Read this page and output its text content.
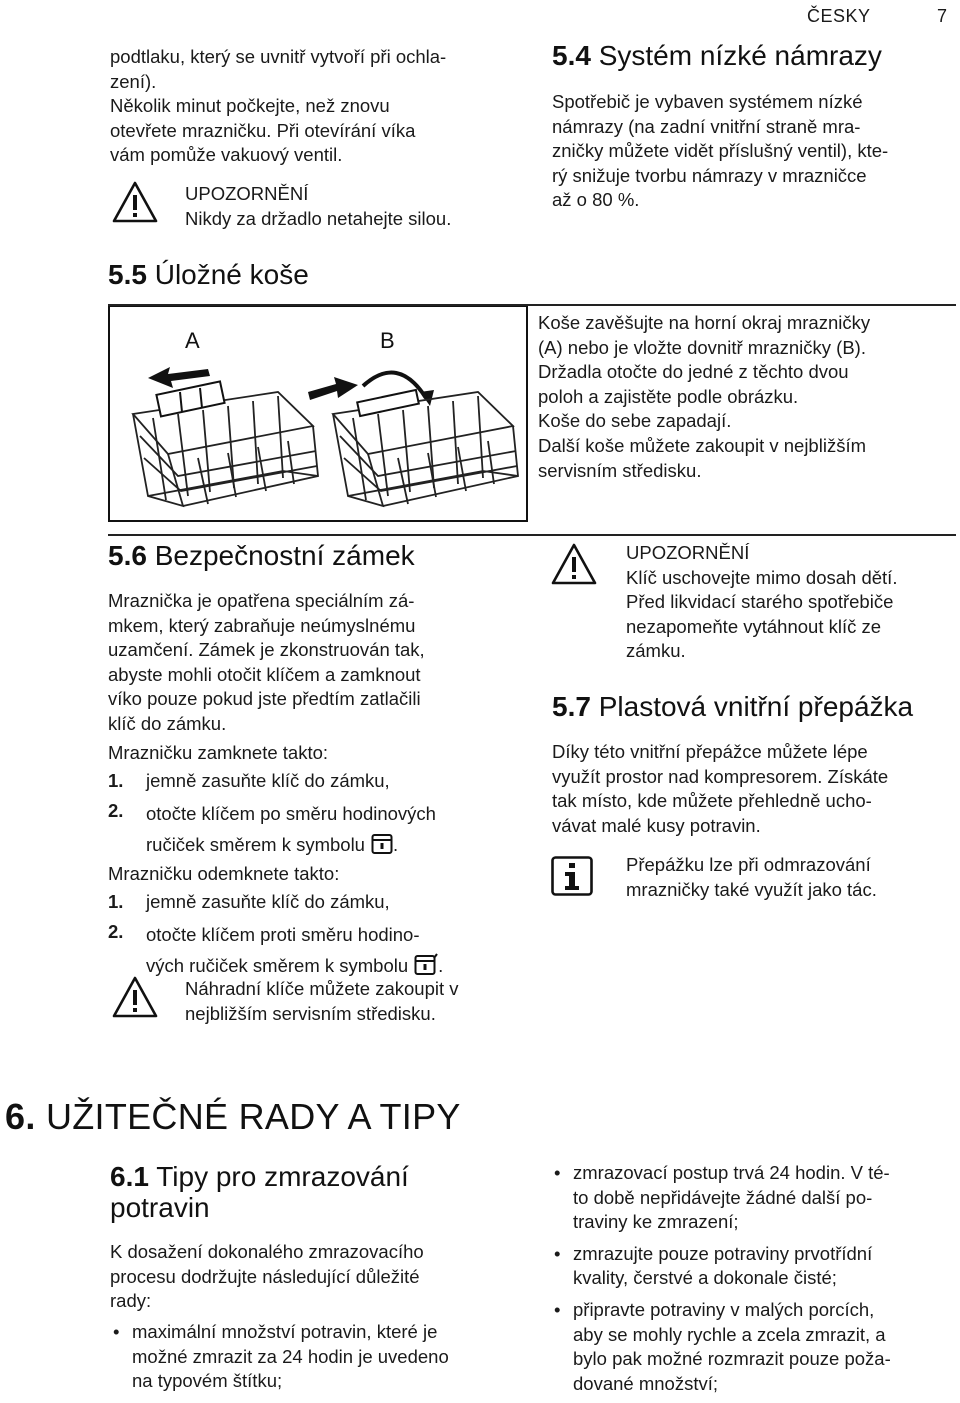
ČESKY	7
podtlaku, který se uvnitř vytvoří při ochla-
zení).
Několik minut počkejte, než znovu
otevřete mrazničku. Při otevírání víka
vám pomůže vakuový ventil.
UPOZORNĚNÍ
Nikdy za držadlo netahejte silou.
5.4 Systém nízké námrazy
Spotřebič je vybaven systémem nízké
námrazy (na zadní vnitřní straně mra-
zničky můžete vidět příslušný ventil), kte-
rý snižuje tvorbu námrazy v mrazničce
až o 80 %.
5.5 Úložné koše
A	B
Koše zavěšujte na horní okraj mrazničky
(A) nebo je vložte dovnitř mrazničky (B).
Držadla otočte do jedné z těchto dvou
poloh a zajistěte podle obrázku.
Koše do sebe zapadají.
Další koše můžete zakoupit v nejbližším
servisním středisku.
5.6 Bezpečnostní zámek
Mraznička je opatřena speciálním zá-
mkem, který zabraňuje neúmyslnému
uzamčení. Zámek je zkonstruován tak,
abyste mohli otočit klíčem a zamknout
víko pouze pokud jste předtím zatlačili
klíč do zámku.
Mrazničku zamknete takto:
1. jemně zasuňte klíč do zámku,
2. otočte klíčem po směru hodinových
ručiček směrem k symbolu .
Mrazničku odemknete takto:
1. jemně zasuňte klíč do zámku,
2. otočte klíčem proti směru hodino-
vých ručiček směrem k symbolu .
Náhradní klíče můžete zakoupit v
nejbližším servisním středisku.
UPOZORNĚNÍ
Klíč uschovejte mimo dosah dětí.
Před likvidací starého spotřebiče
nezapomeňte vytáhnout klíč ze
zámku.
5.7 Plastová vnitřní přepážka
Díky této vnitřní přepážce můžete lépe
využít prostor nad kompresorem. Získáte
tak místo, kde můžete přehledně ucho-
vávat malé kusy potravin.
Přepážku lze při odmrazování
mrazničky také využít jako tác.
6. UŽITEČNÉ RADY A TIPY
6.1 Tipy pro zmrazování
potravin
K dosažení dokonalého zmrazovacího
procesu dodržujte následující důležité
rady:
• maximální množství potravin, které je
možné zmrazit za 24 hodin je uvedeno
na typovém štítku;
• zmrazovací postup trvá 24 hodin. V té-
to době nepřidávejte žádné další po-
traviny ke zmrazení;
• zmrazujte pouze potraviny prvotřídní
kvality, čerstvé a dokonale čisté;
• připravte potraviny v malých porcích,
aby se mohly rychle a zcela zmrazit, a
bylo pak možné rozmrazit pouze poža-
dované množství;
